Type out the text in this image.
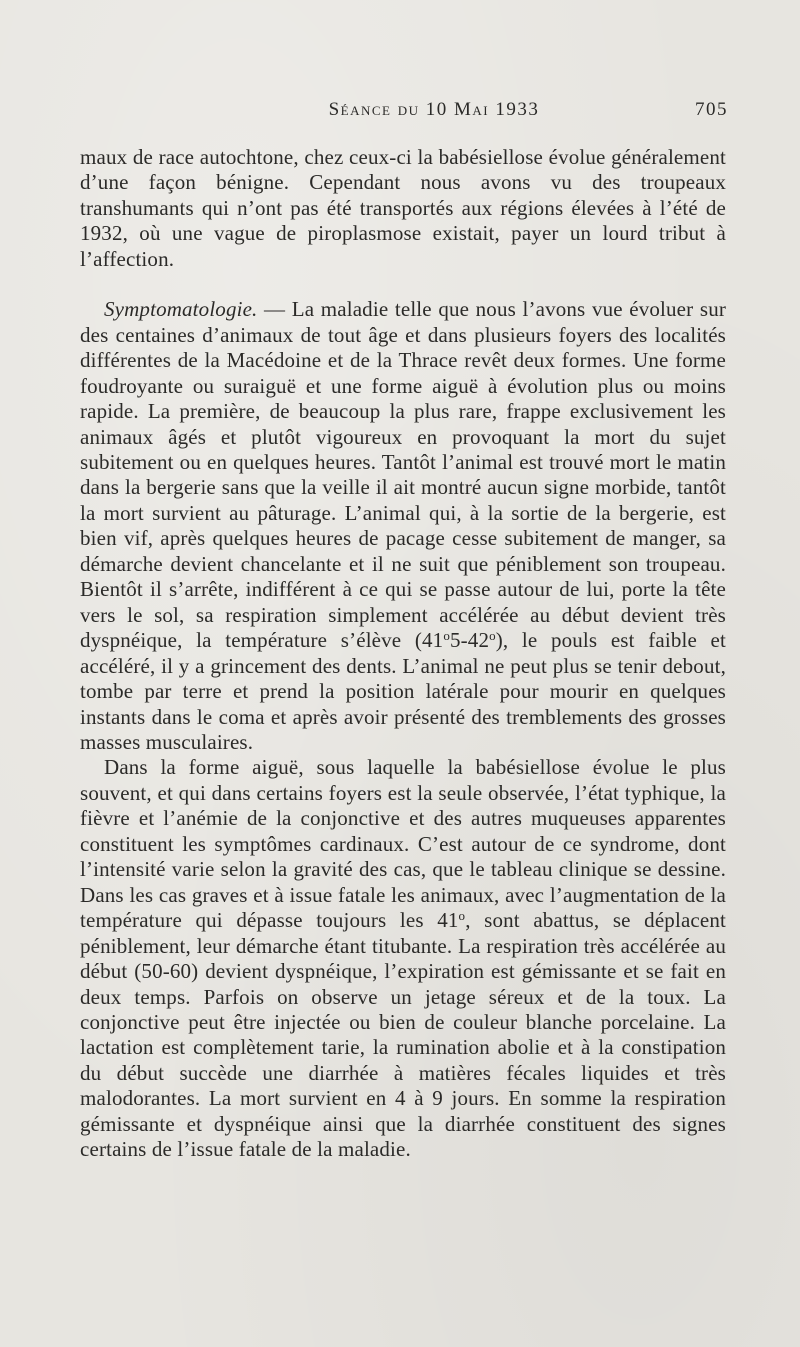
Séance du 10 Mai 1933	705

maux de race autochtone, chez ceux-ci la babésiellose évolue généralement d’une façon bénigne. Cependant nous avons vu des troupeaux transhumants qui n’ont pas été transportés aux régions élevées à l’été de 1932, où une vague de piroplasmose existait, payer un lourd tribut à l’affection.

Symptomatologie. — La maladie telle que nous l’avons vue évoluer sur des centaines d’animaux de tout âge et dans plusieurs foyers des localités différentes de la Macédoine et de la Thrace revêt deux formes. Une forme foudroyante ou suraiguë et une forme aiguë à évolution plus ou moins rapide. La première, de beaucoup la plus rare, frappe exclusivement les animaux âgés et plutôt vigoureux en provoquant la mort du sujet subitement ou en quelques heures. Tantôt l’animal est trouvé mort le matin dans la bergerie sans que la veille il ait montré aucun signe morbide, tantôt la mort survient au pâturage. L’animal qui, à la sortie de la bergerie, est bien vif, après quelques heures de pacage cesse subitement de manger, sa démarche devient chancelante et il ne suit que péniblement son troupeau. Bientôt il s’arrête, indifférent à ce qui se passe autour de lui, porte la tête vers le sol, sa respiration simplement accélérée au début devient très dyspnéique, la température s’élève (41$^o$5-42$^o$), le pouls est faible et accéléré, il y a grincement des dents. L’animal ne peut plus se tenir debout, tombe par terre et prend la position latérale pour mourir en quelques instants dans le coma et après avoir présenté des tremblements des grosses masses musculaires.

Dans la forme aiguë, sous laquelle la babésiellose évolue le plus souvent, et qui dans certains foyers est la seule observée, l’état typhique, la fièvre et l’anémie de la conjonctive et des autres muqueuses apparentes constituent les symptômes cardinaux. C’est autour de ce syndrome, dont l’intensité varie selon la gravité des cas, que le tableau clinique se dessine. Dans les cas graves et à issue fatale les animaux, avec l’augmentation de la température qui dépasse toujours les 41$^o$, sont abattus, se déplacent péniblement, leur démarche étant titubante. La respiration très accélérée au début (50-60) devient dyspnéique, l’expiration est gémissante et se fait en deux temps. Parfois on observe un jetage séreux et de la toux. La conjonctive peut être injectée ou bien de couleur blanche porcelaine. La lactation est complètement tarie, la rumination abolie et à la constipation du début succède une diarrhée à matières fécales liquides et très malodorantes. La mort survient en 4 à 9 jours. En somme la respiration gémissante et dyspnéique ainsi que la diarrhée constituent des signes certains de l’issue fatale de la maladie.
